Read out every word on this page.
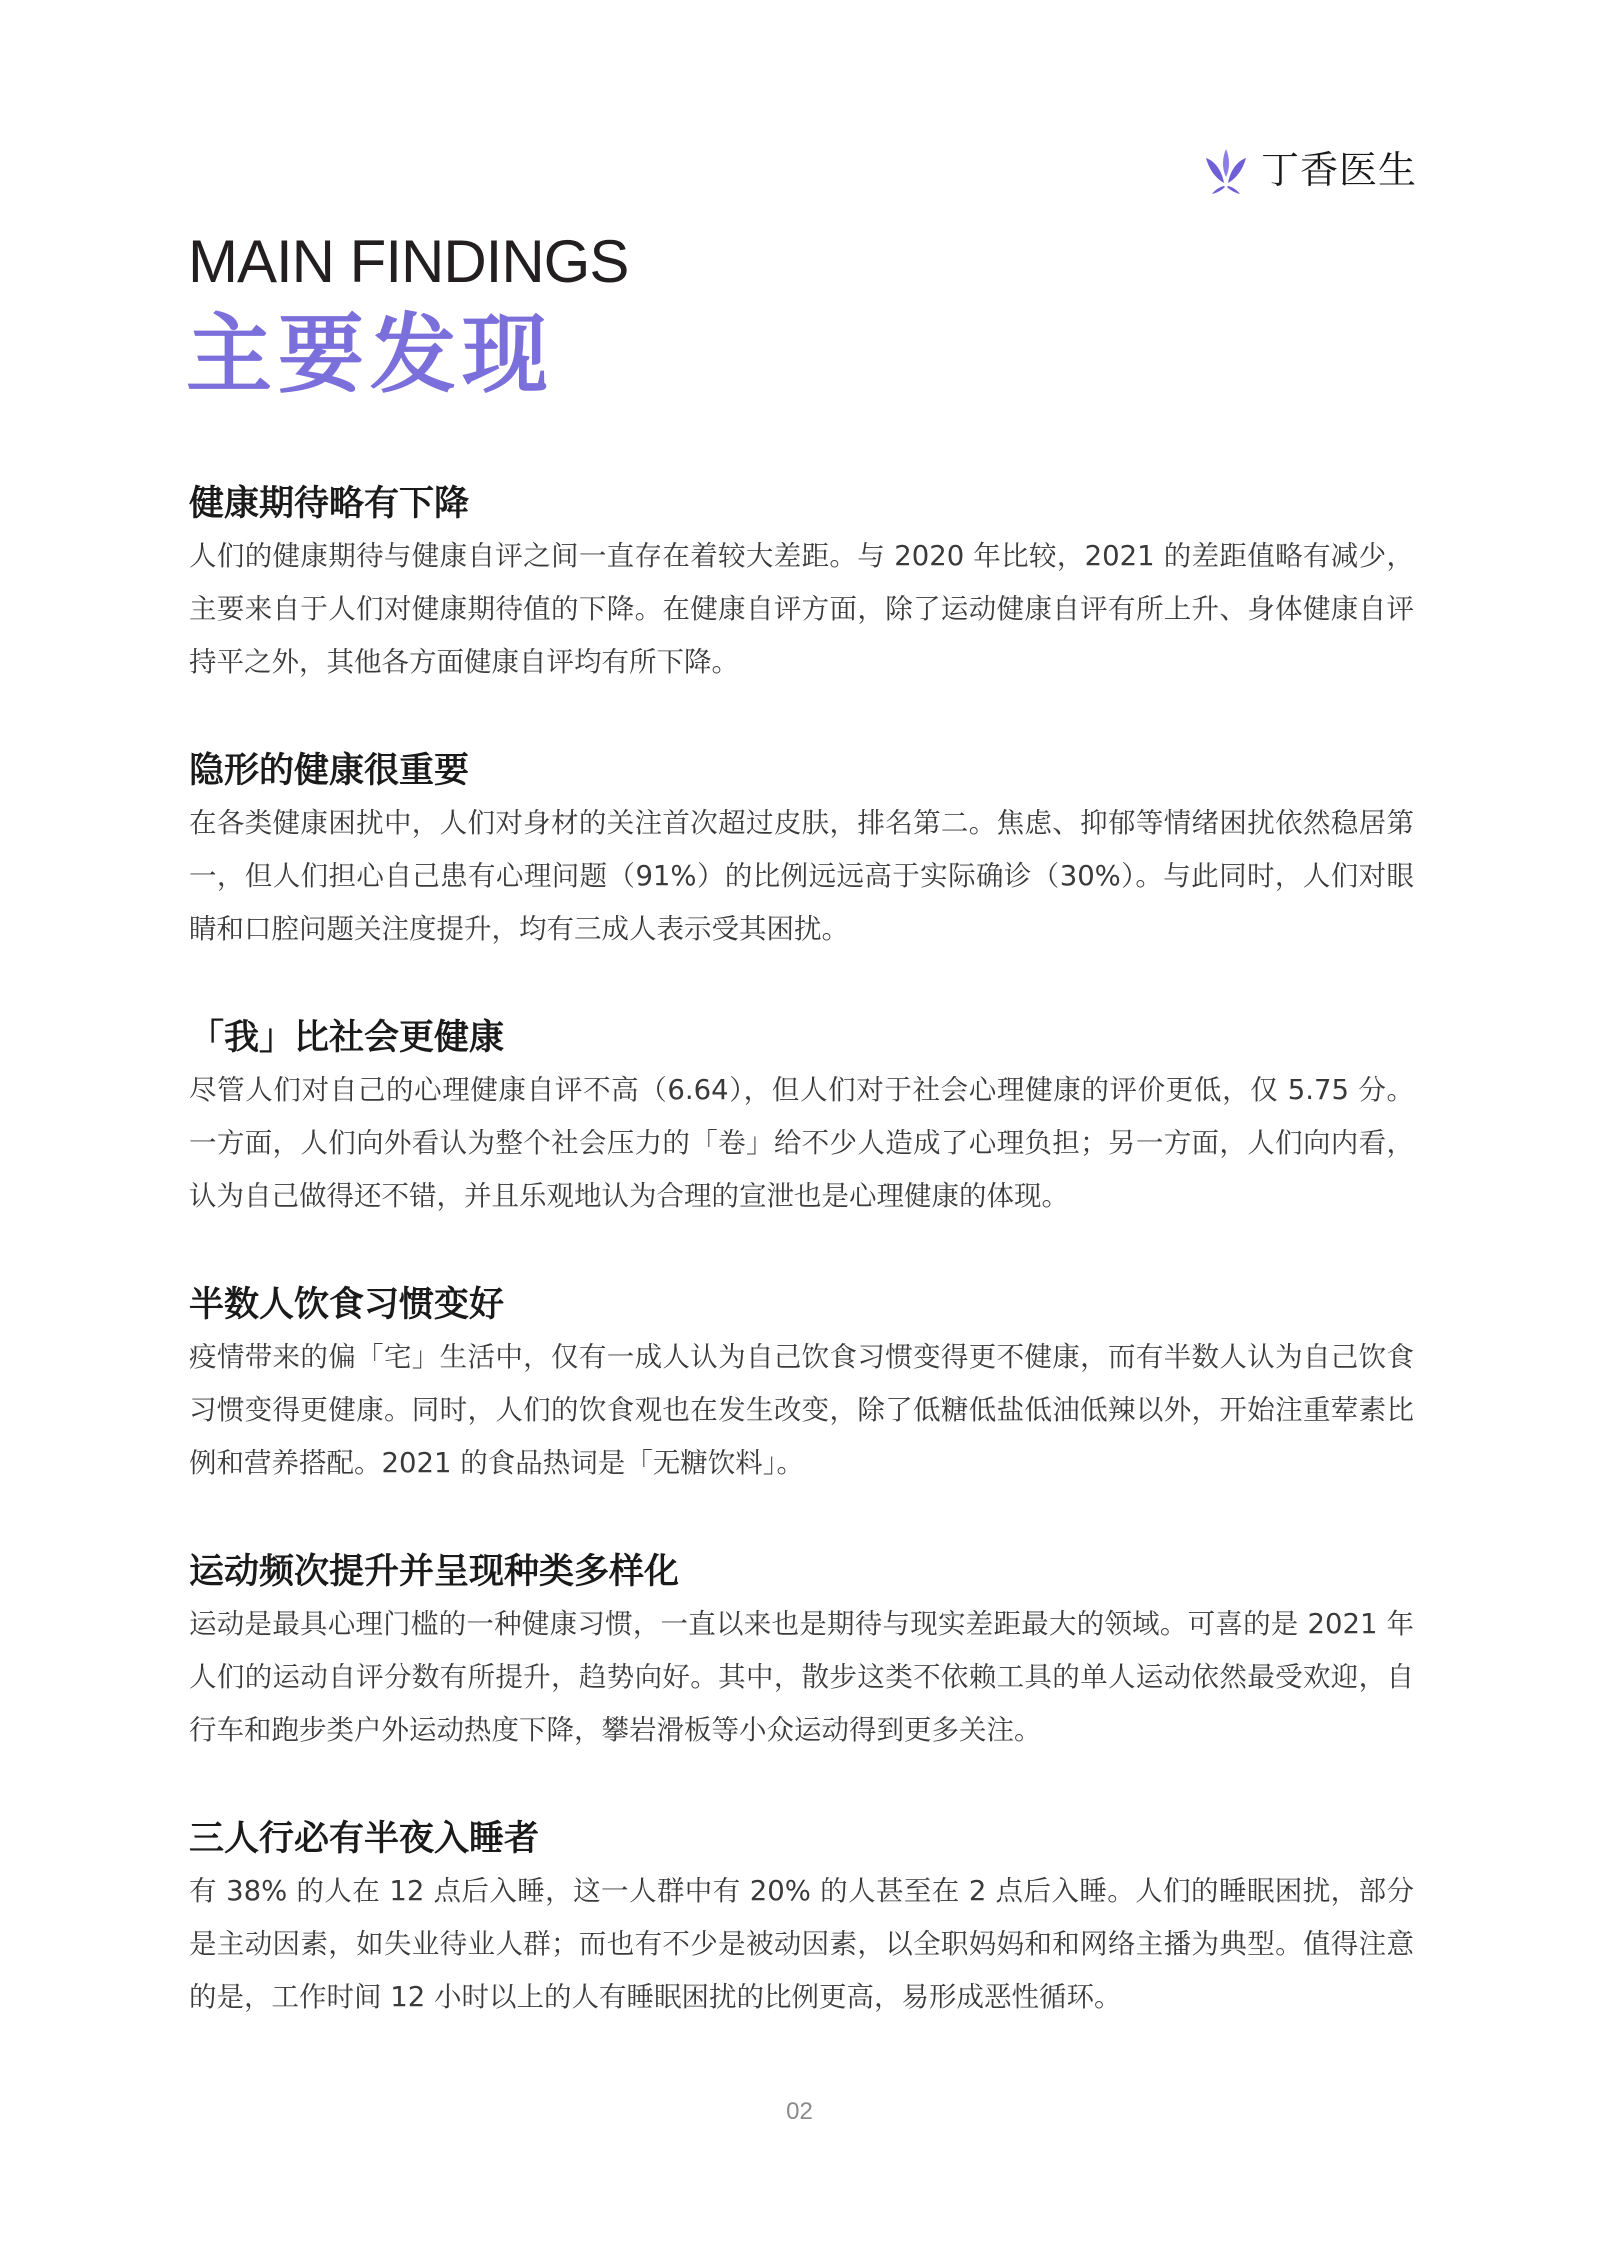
丁香医生
MAIN FINDINGS
主要发现
健康期待略有下降

人们的健康期待与健康自评之间一直存在着较大差距。与 2020 年比较，2021 的差距值略有减少，主要来自于人们对健康期待值的下降。在健康自评方面，除了运动健康自评有所上升、身体健康自评持平之外，其他各方面健康自评均有所下降。

隐形的健康很重要

在各类健康困扰中，人们对身材的关注首次超过皮肤，排名第二。焦虑、抑郁等情绪困扰依然稳居第一，但人们担心自己患有心理问题（91%）的比例远远高于实际确诊（30%）。与此同时，人们对眼睛和口腔问题关注度提升，均有三成人表示受其困扰。

「我」比社会更健康

尽管人们对自己的心理健康自评不高（6.64），但人们对于社会心理健康的评价更低，仅 5.75 分。一方面，人们向外看认为整个社会压力的「卷」给不少人造成了心理负担；另一方面，人们向内看，认为自己做得还不错，并且乐观地认为合理的宣泄也是心理健康的体现。

半数人饮食习惯变好

疫情带来的偏「宅」生活中，仅有一成人认为自己饮食习惯变得更不健康，而有半数人认为自己饮食习惯变得更健康。同时，人们的饮食观也在发生改变，除了低糖低盐低油低辣以外，开始注重荤素比例和营养搭配。2021 的食品热词是「无糖饮料」。

运动频次提升并呈现种类多样化

运动是最具心理门槛的一种健康习惯，一直以来也是期待与现实差距最大的领域。可喜的是 2021 年人们的运动自评分数有所提升，趋势向好。其中，散步这类不依赖工具的单人运动依然最受欢迎，自行车和跑步类户外运动热度下降，攀岩滑板等小众运动得到更多关注。

三人行必有半夜入睡者

有 38% 的人在 12 点后入睡，这一人群中有 20% 的人甚至在 2 点后入睡。人们的睡眠困扰，部分是主动因素，如失业待业人群；而也有不少是被动因素，以全职妈妈和和网络主播为典型。值得注意的是，工作时间 12 小时以上的人有睡眠困扰的比例更高，易形成恶性循环。

02
